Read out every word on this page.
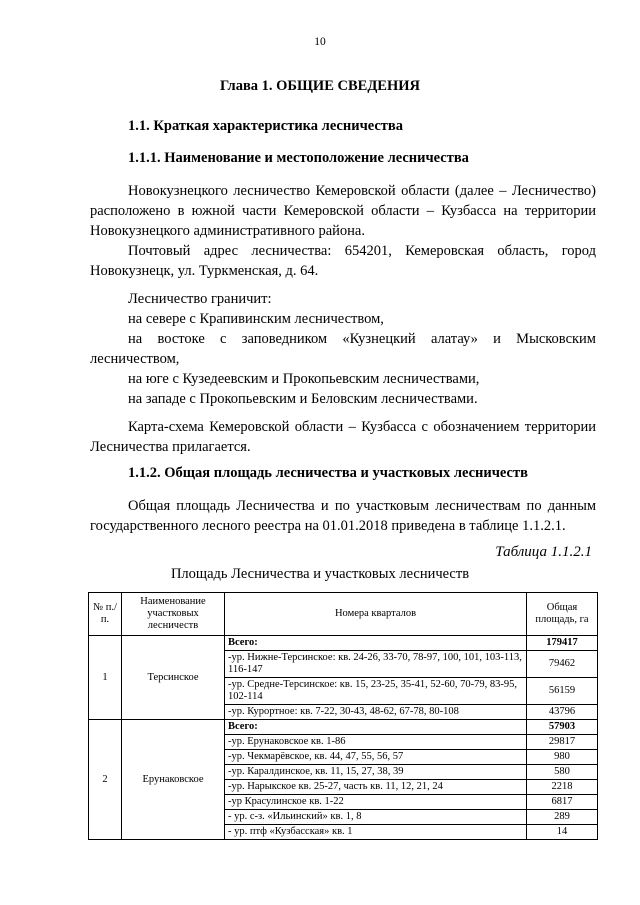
10
Глава 1. ОБЩИЕ СВЕДЕНИЯ
1.1. Краткая характеристика лесничества
1.1.1. Наименование и местоположение лесничества
Новокузнецкого лесничество Кемеровской области (далее – Лесничество) расположено в южной части Кемеровской области – Кузбасса на территории Новокузнецкого административного района.
Почтовый адрес лесничества: 654201, Кемеровская область, город Новокузнецк, ул. Туркменская, д. 64.
Лесничество граничит:
на севере с Крапивинским лесничеством,
на востоке с заповедником «Кузнецкий алатау» и Мысковским лесничеством,
на юге с Кузедеевским и Прокопьевским лесничествами,
на западе с Прокопьевским и Беловским лесничествами.
Карта-схема Кемеровской области – Кузбасса с обозначением территории Лесничества прилагается.
1.1.2. Общая площадь лесничества и участковых лесничеств
Общая площадь Лесничества и по участковым лесничествам по данным государственного лесного реестра на 01.01.2018 приведена в таблице 1.1.2.1.
Таблица 1.1.2.1
Площадь Лесничества и участковых лесничеств
№ п./п.	Наименование участковых лесничеств	Номера кварталов	Общая площадь, га
1	Терсинское	Всего:	179417
		-ур. Нижне-Терсинское: кв. 24-26, 33-70, 78-97, 100, 101, 103-113, 116-147	79462
		-ур. Средне-Терсинское: кв. 15, 23-25, 35-41, 52-60, 70-79, 83-95, 102-114	56159
		-ур. Курортное: кв. 7-22, 30-43, 48-62, 67-78, 80-108	43796
2	Ерунаковское	Всего:	57903
		-ур. Ерунаковское кв. 1-86	29817
		-ур. Чекмарёвское, кв. 44, 47, 55, 56, 57	980
		-ур. Каралдинское, кв. 11, 15, 27, 38, 39	580
		-ур. Нарыкское кв. 25-27, часть кв. 11, 12, 21, 24	2218
		-ур Красулинское кв. 1-22	6817
		- ур. с-з. «Ильинский» кв. 1, 8	289
		- ур. птф «Кузбасская» кв. 1	14
